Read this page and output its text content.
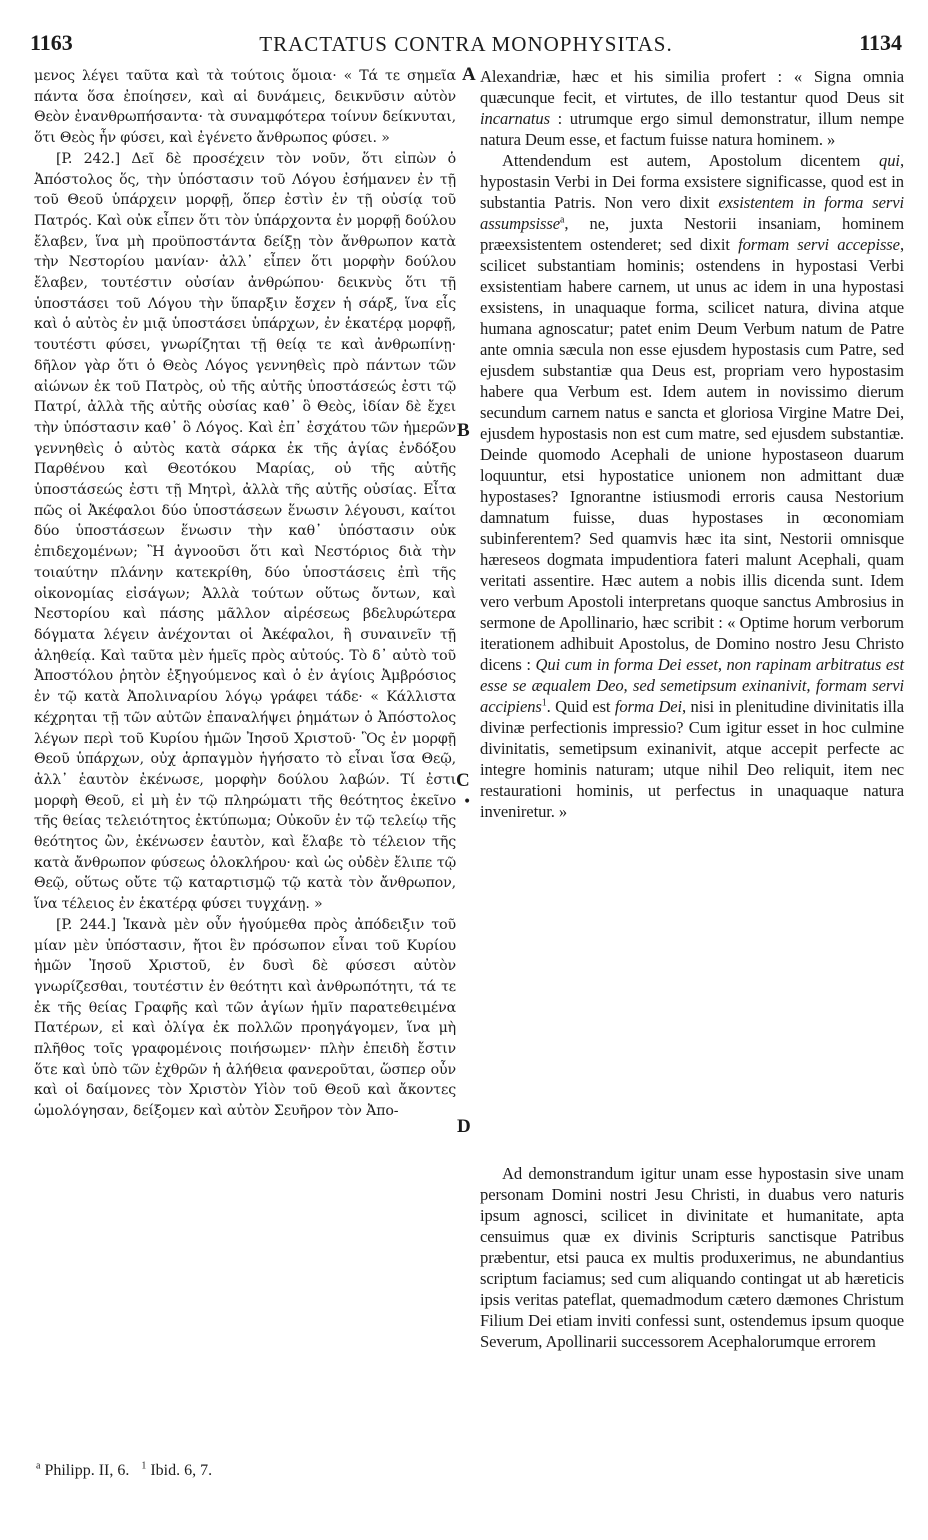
1163	TRACTATUS CONTRA MONOPHYSITAS.	1134

μενος λέγει ταῦτα καὶ τὰ τούτοις ὅμοια· « Τά τε σημεῖα πάντα ὅσα ἐποίησεν, καὶ αἱ δυνάμεις, δεικνῦσιν αὐτὸν Θεὸν ἐνανθρωπήσαντα· τὰ συναμφότερα τοίνυν δείκνυται, ὅτι Θεὸς ἦν φύσει, καὶ ἐγένετο ἄνθρωπος φύσει. »

[P. 242.] Δεῖ δὲ προσέχειν τὸν νοῦν, ὅτι εἰπὼν ὁ Ἀπόστολος ὅς, τὴν ὑπόστασιν τοῦ Λόγου ἐσήμανεν ἐν τῇ τοῦ Θεοῦ ὑπάρχειν μορφῇ, ὅπερ ἐστὶν ἐν τῇ οὐσίᾳ τοῦ Πατρός. Καὶ οὐκ εἶπεν ὅτι τὸν ὑπάρχοντα ἐν μορφῇ δούλου ἔλαβεν, ἵνα μὴ προϋποστάντα δείξῃ τὸν ἄνθρωπον κατὰ τὴν Νεστορίου μανίαν· ἀλλ᾽ εἶπεν ὅτι μορφὴν δούλου ἔλαβεν, τουτέστιν οὐσίαν ἀνθρώπου· δεικνὺς ὅτι τῇ ὑποστάσει τοῦ Λόγου τὴν ὕπαρξιν ἔσχεν ἡ σάρξ, ἵνα εἷς καὶ ὁ αὐτὸς ἐν μιᾷ ὑποστάσει ὑπάρχων, ἐν ἑκατέρᾳ μορφῇ, τουτέστι φύσει, γνωρίζηται τῇ θείᾳ τε καὶ ἀνθρωπίνῃ· δῆλον γὰρ ὅτι ὁ Θεὸς Λόγος γεννηθεὶς πρὸ πάντων τῶν αἰώνων ἐκ τοῦ Πατρὸς, οὐ τῆς αὐτῆς ὑποστάσεώς ἐστι τῷ Πατρί, ἀλλὰ τῆς αὐτῆς οὐσίας καθ᾽ ὃ Θεὸς, ἰδίαν δὲ ἔχει τὴν ὑπόστασιν καθ᾽ ὃ Λόγος. Καὶ ἐπ᾽ ἐσχάτου τῶν ἡμερῶν γεννηθεὶς ὁ αὐτὸς κατὰ σάρκα ἐκ τῆς ἁγίας ἐνδόξου Παρθένου καὶ Θεοτόκου Μαρίας, οὐ τῆς αὐτῆς ὑποστάσεώς ἐστι τῇ Μητρὶ, ἀλλὰ τῆς αὐτῆς οὐσίας. Εἶτα πῶς οἱ Ἀκέφαλοι δύο ὑποστάσεων ἕνωσιν λέγουσι, καίτοι δύο ὑποστάσεων ἕνωσιν τὴν καθ᾽ ὑπόστασιν οὐκ ἐπιδεχομένων; Ἢ ἀγνοοῦσι ὅτι καὶ Νεστόριος διὰ τὴν τοιαύτην πλάνην κατεκρίθη, δύο ὑποστάσεις ἐπὶ τῆς οἰκονομίας εἰσάγων; Ἀλλὰ τούτων οὕτως ὄντων, καὶ Νεστορίου καὶ πάσης μᾶλλον αἱρέσεως βδελυρώτερα δόγματα λέγειν ἀνέχονται οἱ Ἀκέφαλοι, ἢ συναινεῖν τῇ ἀληθείᾳ. Καὶ ταῦτα μὲν ἡμεῖς πρὸς αὐτούς. Τὸ δ᾽ αὐτὸ τοῦ Ἀποστόλου ῥητὸν ἐξηγούμενος καὶ ὁ ἐν ἁγίοις Ἀμβρόσιος ἐν τῷ κατὰ Ἀπολιναρίου λόγῳ γράφει τάδε· « Κάλλιστα κέχρηται τῇ τῶν αὐτῶν ἐπαναλήψει ῥημάτων ὁ Ἀπόστολος λέγων περὶ τοῦ Κυρίου ἡμῶν Ἰησοῦ Χριστοῦ· Ὃς ἐν μορφῇ Θεοῦ ὑπάρχων, οὐχ ἁρπαγμὸν ἡγήσατο τὸ εἶναι ἴσα Θεῷ, ἀλλ᾽ ἑαυτὸν ἐκένωσε, μορφὴν δούλου λαβών. Τί ἐστι μορφὴ Θεοῦ, εἰ μὴ ἐν τῷ πληρώματι τῆς θεότητος ἐκεῖνο τῆς θείας τελειότητος ἐκτύπωμα; Οὐκοῦν ἐν τῷ τελείῳ τῆς θεότητος ὢν, ἐκένωσεν ἑαυτὸν, καὶ ἔλαβε τὸ τέλειον τῆς κατὰ ἄνθρωπον φύσεως ὁλοκλήρου· καὶ ὡς οὐδὲν ἔλιπε τῷ Θεῷ, οὕτως οὔτε τῷ καταρτισμῷ τῷ κατὰ τὸν ἄνθρωπον, ἵνα τέλειος ἐν ἑκατέρᾳ φύσει τυγχάνῃ. »

[P. 244.] Ἱκανὰ μὲν οὖν ἡγούμεθα πρὸς ἀπόδειξιν τοῦ μίαν μὲν ὑπόστασιν, ἤτοι ἓν πρόσωπον εἶναι τοῦ Κυρίου ἡμῶν Ἰησοῦ Χριστοῦ, ἐν δυσὶ δὲ φύσεσι αὐτὸν γνωρίζεσθαι, τουτέστιν ἐν θεότητι καὶ ἀνθρωπότητι, τά τε ἐκ τῆς θείας Γραφῆς καὶ τῶν ἁγίων ἡμῖν παρατεθειμένα Πατέρων, εἰ καὶ ὀλίγα ἐκ πολλῶν προηγάγομεν, ἵνα μὴ πλῆθος τοῖς γραφομένοις ποιήσωμεν· πλὴν ἐπειδὴ ἔστιν ὅτε καὶ ὑπὸ τῶν ἐχθρῶν ἡ ἀλήθεια φανεροῦται, ὥσπερ οὖν καὶ οἱ δαίμονες τὸν Χριστὸν Υἱὸν τοῦ Θεοῦ καὶ ἄκοντες ὡμολόγησαν, δείξομεν καὶ αὐτὸν Σευῆρον τὸν Ἀπο-

Alexandriæ, hæc et his similia profert : « Signa omnia quæcunque fecit, et virtutes, de illo testantur quod Deus sit incarnatus : utrumque ergo simul demonstratur, illum nempe natura Deum esse, et factum fuisse natura hominem. »

Attendendum est autem, Apostolum dicentem qui, hypostasin Verbi in Dei forma exsistere significasse, quod est in substantia Patris. Non vero dixit exsistentem in forma servi assumpsisse$^a$, ne, juxta Nestorii insaniam, hominem præexsistentem ostenderet; sed dixit formam servi accepisse, scilicet substantiam hominis; ostendens in hypostasi Verbi exsistentiam habere carnem, ut unus ac idem in una hypostasi exsistens, in unaquaque forma, scilicet natura, divina atque humana agnoscatur; patet enim Deum Verbum natum de Patre ante omnia sæcula non esse ejusdem hypostasis cum Patre, sed ejusdem substantiæ qua Deus est, propriam vero hypostasim habere qua Verbum est. Idem autem in novissimo dierum secundum carnem natus e sancta et gloriosa Virgine Matre Dei, ejusdem hypostasis non est cum matre, sed ejusdem substantiæ. Deinde quomodo Acephali de unione hypostaseon duarum loquuntur, etsi hypostatice unionem non admittant duæ hypostases? Ignorantne istiusmodi erroris causa Nestorium damnatum fuisse, duas hypostases in œconomiam subinferentem? Sed quamvis hæc ita sint, Nestorii omnisque hæreseos dogmata impudentiora fateri malunt Acephali, quam veritati assentire. Hæc autem a nobis illis dicenda sunt. Idem vero verbum Apostoli interpretans quoque sanctus Ambrosius in sermone de Apollinario, hæc scribit : « Optime horum verborum iterationem adhibuit Apostolus, de Domino nostro Jesu Christo dicens : Qui cum in forma Dei esset, non rapinam arbitratus est esse se æqualem Deo, sed semetipsum exinanivit, formam servi accipiens$^1$. Quid est forma Dei, nisi in plenitudine divinitatis illa divinæ perfectionis impressio? Cum igitur esset in hoc culmine divinitatis, semetipsum exinanivit, atque accepit perfecte ac integre hominis naturam; utque nihil Deo reliquit, item nec restaurationi hominis, ut perfectus in unaquaque natura inveniretur. »

Ad demonstrandum igitur unam esse hypostasin sive unam personam Domini nostri Jesu Christi, in duabus vero naturis ipsum agnosci, scilicet in divinitate et humanitate, apta censuimus quæ ex divinis Scripturis sanctisque Patribus præbentur, etsi pauca ex multis produxerimus, ne abundantius scriptum faciamus; sed cum aliquando contingat ut ab hæreticis ipsis veritas pateflat, quemadmodum cætero dæmones Christum Filium Dei etiam inviti confessi sunt, ostendemus ipsum quoque Severum, Apollinarii successorem Acephalorumque errorem

A
B
C
•
D
$^a$ Philipp. II, 6. $^1$ Ibid. 6, 7.
